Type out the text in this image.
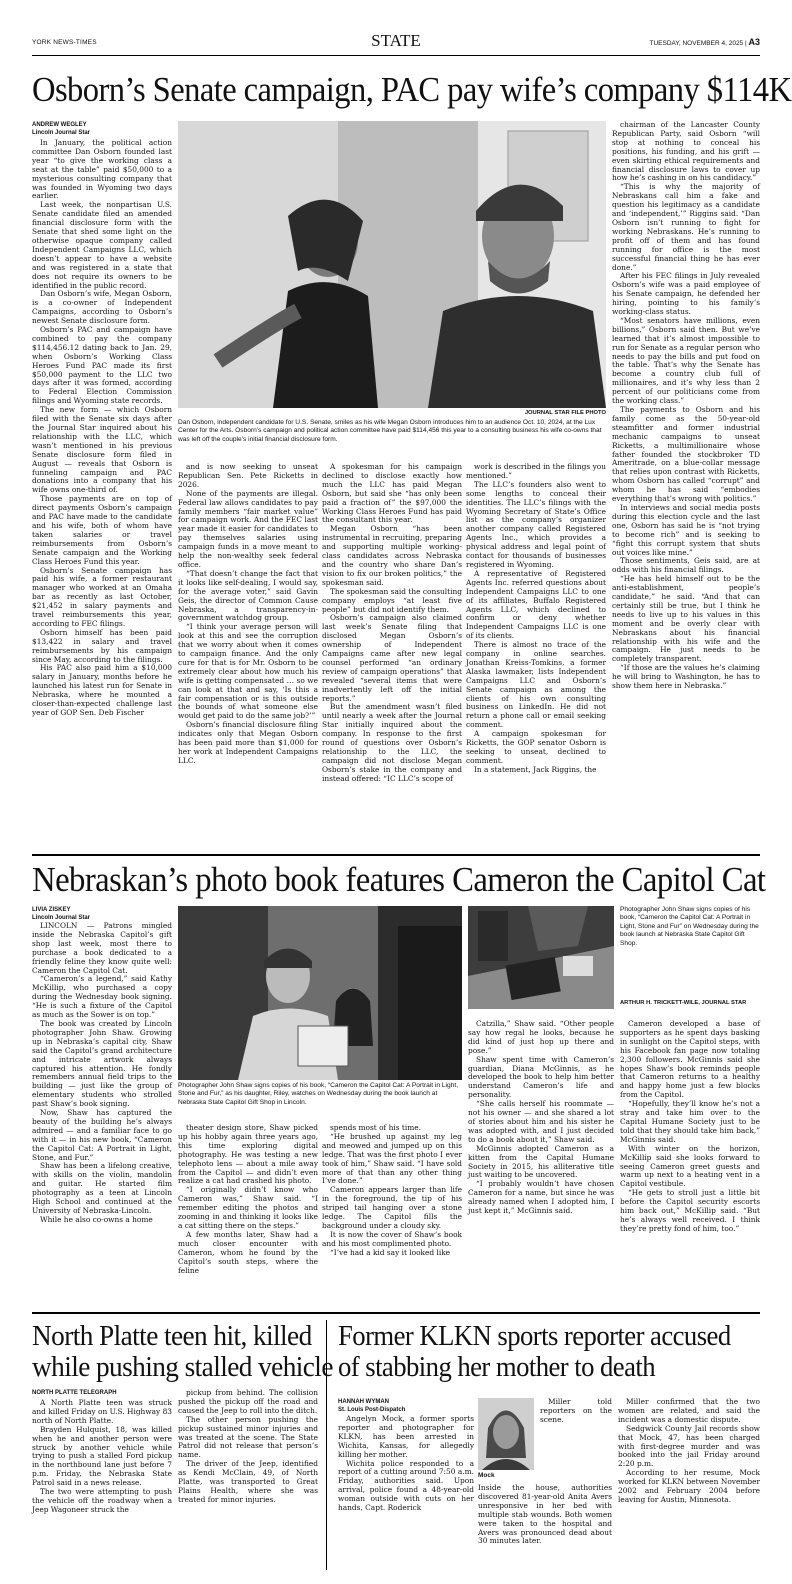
YORK NEWS-TIMES	STATE	TUESDAY, NOVEMBER 4, 2025 | A3
Osborn’s Senate campaign, PAC pay wife’s company $114K
ANDREW WEGLEY
Lincoln Journal Star

In January, the political action committee Dan Osborn founded last year “to give the working class a seat at the table” paid $50,000 to a mysterious consulting company that was founded in Wyoming two days earlier.

Last week, the nonpartisan U.S. Senate candidate filed an amended financial disclosure form with the Senate that shed some light on the otherwise opaque company called Independent Campaigns LLC, which doesn’t appear to have a website and was registered in a state that does not require its owners to be identified in the public record.

Dan Osborn’s wife, Megan Osborn, is a co-owner of Independent Campaigns, according to Osborn’s newest Senate disclosure form.

Osborn’s PAC and campaign have combined to pay the company $114,456.12 dating back to Jan. 29, when Osborn’s Working Class Heroes Fund PAC made its first $50,000 payment to the LLC two days after it was formed, according to Federal Election Commission filings and Wyoming state records.

The new form — which Osborn filed with the Senate six days after the Journal Star inquired about his relationship with the LLC, which wasn’t mentioned in his previous Senate disclosure form filed in August — reveals that Osborn is funneling campaign and PAC donations into a company that his wife owns one-third of.

Those payments are on top of direct payments Osborn’s campaign and PAC have made to the candidate and his wife, both of whom have taken salaries or travel reimbursements from Osborn’s Senate campaign and the Working Class Heroes Fund this year.

Osborn’s Senate campaign has paid his wife, a former restaurant manager who worked at an Omaha bar as recently as last October, $21,452 in salary payments and travel reimbursements this year, according to FEC filings.

Osborn himself has been paid $13,422 in salary and travel reimbursements by his campaign since May, according to the filings.

His PAC also paid him a $10,000 salary in January, months before he launched his latest run for Senate in Nebraska, where he mounted a closer-than-expected challenge last year of GOP Sen. Deb Fischer

JOURNAL STAR FILE PHOTO
Dan Osborn, independent candidate for U.S. Senate, smiles as his wife Megan Osborn introduces him to an audience Oct. 10, 2024, at the Lux Center for the Arts. Osborn’s campaign and political action committee have paid $114,456 this year to a consulting business his wife co-owns that was left off the couple’s initial financial disclosure form.

and is now seeking to unseat Republican Sen. Pete Ricketts in 2026.

None of the payments are illegal. Federal law allows candidates to pay family members “fair market value” for campaign work. And the FEC last year made it easier for candidates to pay themselves salaries using campaign funds in a move meant to help the non-wealthy seek federal office.

“That doesn’t change the fact that it looks like self-dealing, I would say, for the average voter,” said Gavin Geis, the director of Common Cause Nebraska, a transparency-in-government watchdog group.

“I think your average person will look at this and see the corruption that we worry about when it comes to campaign finance. And the only cure for that is for Mr. Osborn to be extremely clear about how much his wife is getting compensated … so we can look at that and say, ‘Is this a fair compensation or is this outside the bounds of what someone else would get paid to do the same job?’”

Osborn’s financial disclosure filing indicates only that Megan Osborn has been paid more than $1,000 for her work at Independent Campaigns LLC.

A spokesman for his campaign declined to disclose exactly how much the LLC has paid Megan Osborn, but said she “has only been paid a fraction of” the $97,000 the Working Class Heroes Fund has paid the consultant this year.

Megan Osborn “has been instrumental in recruiting, preparing and supporting multiple working-class candidates across Nebraska and the country who share Dan’s vision to fix our broken politics,” the spokesman said.

The spokesman said the consulting company employs “at least five people” but did not identify them.

Osborn’s campaign also claimed last week’s Senate filing that disclosed Megan Osborn’s ownership of Independent Campaigns came after new legal counsel performed “an ordinary review of campaign operations” that revealed “several items that were inadvertently left off the initial reports.”

But the amendment wasn’t filed until nearly a week after the Journal Star initially inquired about the company. In response to the first round of questions over Osborn’s relationship to the LLC, the campaign did not disclose Megan Osborn’s stake in the company and instead offered: “IC LLC’s scope of

work is described in the filings you mentioned.”

The LLC’s founders also went to some lengths to conceal their identities. The LLC’s filings with the Wyoming Secretary of State’s Office list as the company’s organizer another company called Registered Agents Inc., which provides a physical address and legal point of contact for thousands of businesses registered in Wyoming.

A representative of Registered Agents Inc. referred questions about Independent Campaigns LLC to one of its affiliates, Buffalo Registered Agents LLC, which declined to confirm or deny whether Independent Campaigns LLC is one of its clients.

There is almost no trace of the company in online searches. Jonathan Kreiss-Tomkins, a former Alaska lawmaker, lists Independent Campaigns LLC and Osborn’s Senate campaign as among the clients of his own consulting business on LinkedIn. He did not return a phone call or email seeking comment.

A campaign spokesman for Ricketts, the GOP senator Osborn is seeking to unseat, declined to comment.

In a statement, Jack Riggins, the

chairman of the Lancaster County Republican Party, said Osborn “will stop at nothing to conceal his positions, his funding, and his grift — even skirting ethical requirements and financial disclosure laws to cover up how he’s cashing in on his candidacy.”

“This is why the majority of Nebraskans call him a fake and question his legitimacy as a candidate and ‘independent,’” Riggins said. “Dan Osborn isn’t running to fight for working Nebraskans. He’s running to profit off of them and has found running for office is the most successful financial thing he has ever done.”

After his FEC filings in July revealed Osborn’s wife was a paid employee of his Senate campaign, he defended her hiring, pointing to his family’s working-class status.

“Most senators have millions, even billions,” Osborn said then. But we’ve learned that it’s almost impossible to run for Senate as a regular person who needs to pay the bills and put food on the table. That’s why the Senate has become a country club full of millionaires, and it’s why less than 2 percent of our politicians come from the working class.”

The payments to Osborn and his family come as the 50-year-old steamfitter and former industrial mechanic campaigns to unseat Ricketts, a multimillionaire whose father founded the stockbroker TD Ameritrade, on a blue-collar message that relies upon contrast with Ricketts, whom Osborn has called “corrupt” and whom he has said “embodies everything that’s wrong with politics.”

In interviews and social media posts during this election cycle and the last one, Osborn has said he is “not trying to become rich” and is seeking to “fight this corrupt system that shuts out voices like mine.”

Those sentiments, Geis said, are at odds with his financial filings.

“He has held himself out to be the anti-establishment, people’s candidate,” he said. “And that can certainly still be true, but I think he needs to live up to his values in this moment and be overly clear with Nebraskans about his financial relationship with his wife and the campaign. He just needs to be completely transparent.

“If those are the values he’s claiming he will bring to Washington, he has to show them here in Nebraska.”

Nebraskan’s photo book features Cameron the Capitol Cat
LIVIA ZISKEY
Lincoln Journal Star

LINCOLN — Patrons mingled inside the Nebraska Capitol’s gift shop last week, most there to purchase a book dedicated to a friendly feline they know quite well: Cameron the Capitol Cat.

“Cameron’s a legend,” said Kathy McKillip, who purchased a copy during the Wednesday book signing. “He is such a fixture of the Capitol as much as the Sower is on top.”

The book was created by Lincoln photographer John Shaw. Growing up in Nebraska’s capital city, Shaw said the Capitol’s grand architecture and intricate artwork always captured his attention. He fondly remembers annual field trips to the building — just like the group of elementary students who strolled past Shaw’s book signing.

Now, Shaw has captured the beauty of the building he’s always admired — and a familiar face to go with it — in his new book, “Cameron the Capitol Cat: A Portrait in Light, Stone, and Fur.”

Shaw has been a lifelong creative, with skills on the violin, mandolin and guitar. He started film photography as a teen at Lincoln High School and continued at the University of Nebraska-Lincoln.

While he also co-owns a home

Photographer John Shaw signs copies of his book, “Cameron the Capitol Cat: A Portrait in Light, Stone and Fur,” as his daughter, Riley, watches on Wednesday during the book launch at Nebraska State Capitol Gift Shop in Lincoln.
Photographer John Shaw signs copies of his book, “Cameron the Capitol Cat: A Portrait in Light, Stone and Fur” on Wednesday during the book launch at Nebraska State Capitol Gift Shop.
ARTHUR H. TRICKETT-WILE, JOURNAL STAR

theater design store, Shaw picked up his hobby again three years ago, this time exploring digital photography. He was testing a new telephoto lens — about a mile away from the Capitol — and didn’t even realize a cat had crashed his photo.

“I originally didn’t know who Cameron was,” Shaw said. “I remember editing the photos and zooming in and thinking it looks like a cat sitting there on the steps.”

A few months later, Shaw had a much closer encounter with Cameron, whom he found by the Capitol’s south steps, where the feline

spends most of his time.

“He brushed up against my leg and meowed and jumped up on this ledge. That was the first photo I ever took of him,” Shaw said. “I have sold more of that than any other thing I’ve done.”

Cameron appears larger than life in the foreground, the tip of his striped tail hanging over a stone ledge. The Capitol fills the background under a cloudy sky.

It is now the cover of Shaw’s book and his most complimented photo.

“I’ve had a kid say it looked like

Catzilla,” Shaw said. “Other people say how regal he looks, because he did kind of just hop up there and pose.”

Shaw spent time with Cameron’s guardian, Diana McGinnis, as he developed the book to help him better understand Cameron’s life and personality.

“She calls herself his roommate — not his owner — and she shared a lot of stories about him and his sister he was adopted with, and I just decided to do a book about it,” Shaw said.

McGinnis adopted Cameron as a kitten from the Capital Humane Society in 2015, his alliterative title just waiting to be uncovered.

“I probably wouldn’t have chosen Cameron for a name, but since he was already named when I adopted him, I just kept it,” McGinnis said.

Cameron developed a base of supporters as he spent days basking in sunlight on the Capitol steps, with his Facebook fan page now totaling 2,300 followers. McGinnis said she hopes Shaw’s book reminds people that Cameron returns to a healthy and happy home just a few blocks from the Capitol.

“Hopefully, they’ll know he’s not a stray and take him over to the Capital Humane Society just to be told that they should take him back,” McGinnis said.

With winter on the horizon, McKillip said she looks forward to seeing Cameron greet guests and warm up next to a heating vent in a Capitol vestibule.

“He gets to stroll just a little bit before the Capitol security escorts him back out,” McKillip said. “But he’s always well received. I think they’re pretty fond of him, too.”

North Platte teen hit, killed
while pushing stalled vehicle
NORTH PLATTE TELEGRAPH

A North Platte teen was struck and killed Friday on U.S. Highway 83 north of North Platte.

Brayden Hulquist, 18, was killed when he and another person were struck by another vehicle while trying to push a stalled Ford pickup in the northbound lane just before 7 p.m. Friday, the Nebraska State Patrol said in a news release.

The two were attempting to push the vehicle off the roadway when a Jeep Wagoneer struck the

pickup from behind. The collision pushed the pickup off the road and caused the Jeep to roll into the ditch.

The other person pushing the pickup sustained minor injuries and was treated at the scene. The State Patrol did not release that person’s name.

The driver of the Jeep, identified as Kendi McClain, 49, of North Platte, was transported to Great Plains Health, where she was treated for minor injuries.

Former KLKN sports reporter accused
of stabbing her mother to death
HANNAH WYMAN
St. Louis Post-Dispatch

Angelyn Mock, a former sports reporter and photographer for KLKN, has been arrested in Wichita, Kansas, for allegedly killing her mother.

Wichita police responded to a report of a cutting around 7:50 a.m. Friday, authorities said. Upon arrival, police found a 48-year-old woman outside with cuts on her hands, Capt. Roderick

Mock

Miller told reporters on the scene.

Inside the house, authorities discovered 81-year-old Anita Avers unresponsive in her bed with multiple stab wounds. Both women were taken to the hospital and Avers was pronounced dead about 30 minutes later.

Miller confirmed that the two women are related, and said the incident was a domestic dispute.

Sedgwick County Jail records show that Mock, 47, has been charged with first-degree murder and was booked into the jail Friday around 2:20 p.m.

According to her resume, Mock worked for KLKN between November 2002 and February 2004 before leaving for Austin, Minnesota.
